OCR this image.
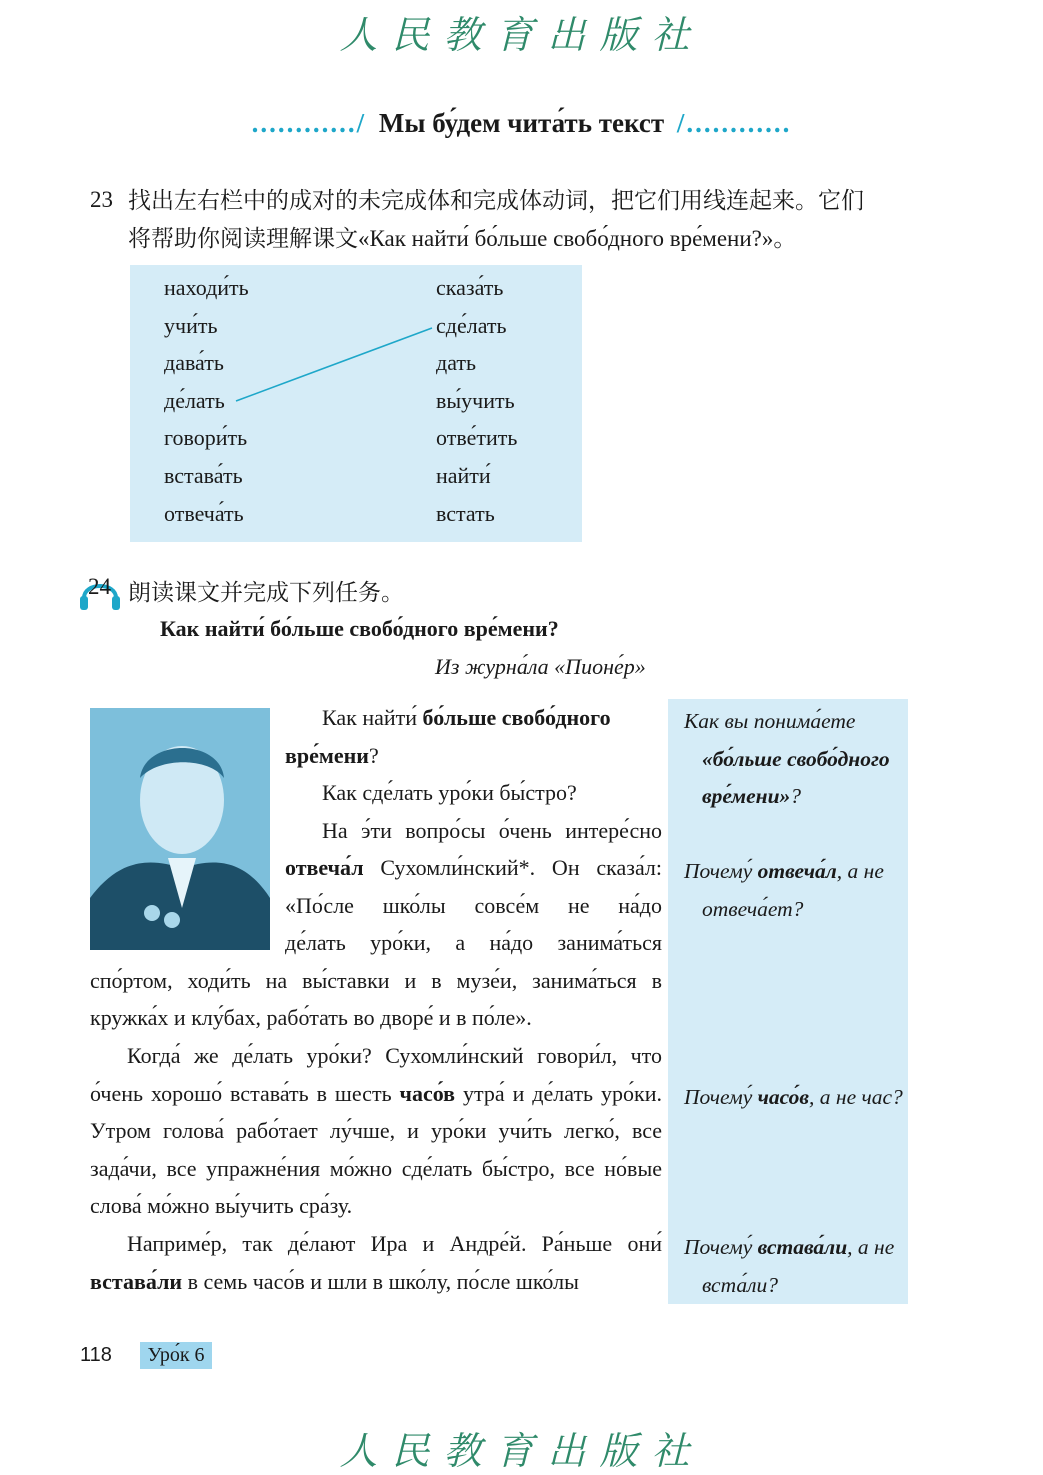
人民教育出版社
............/ Мы бу́дем чита́ть текст /............
23 找出左右栏中的成对的未完成体和完成体动词，把它们用线连起来。它们
将帮助你阅读理解课文«Как найти́ бо́льше свобо́дного вре́мени?»。
находи́ть
учи́ть
дава́ть
де́лать
говори́ть
встава́ть
отвеча́ть
сказа́ть
сде́лать
дать
вы́учить
отве́тить
найти́
встать
24 朗读课文并完成下列任务。
Как найти́ бо́льше свобо́дного вре́мени?
Из журна́ла «Пионе́р»
Как найти́ бо́льше свобо́дного
вре́мени?
Как сде́лать уро́ки бы́стро?
На э́ти вопро́сы о́чень интере́сно
отвеча́л Сухомли́нский*. Он сказа́л:
«По́сле шко́лы совсе́м не на́до
де́лать уро́ки, а на́до занима́ться
спо́ртом, ходи́ть на вы́ставки и в музе́и, занима́ться в
кружка́х и клу́бах, рабо́тать во дворе́ и в по́ле».
Когда́ же де́лать уро́ки? Сухомли́нский говори́л, что о́чень хорошо́ встава́ть в шесть часо́в утра́ и де́лать уро́ки. Утром голова́ рабо́тает лу́чше, и уро́ки учи́ть легко́, все зада́чи, все упражне́ния мо́жно сде́лать бы́стро, все но́вые слова́ мо́жно вы́учить сра́зу.
Наприме́р, так де́лают Ира и Андре́й. Ра́ньше они́ встава́ли в семь часо́в и шли в шко́лу, по́сле шко́лы
Как вы понима́ете «бо́льше свобо́дного вре́мени»?
Почему́ отвеча́л, а не отвеча́ет?
Почему́ часо́в, а не час?
Почему́ встава́ли, а не вста́ли?
118	Уро́к 6
人民教育出版社
